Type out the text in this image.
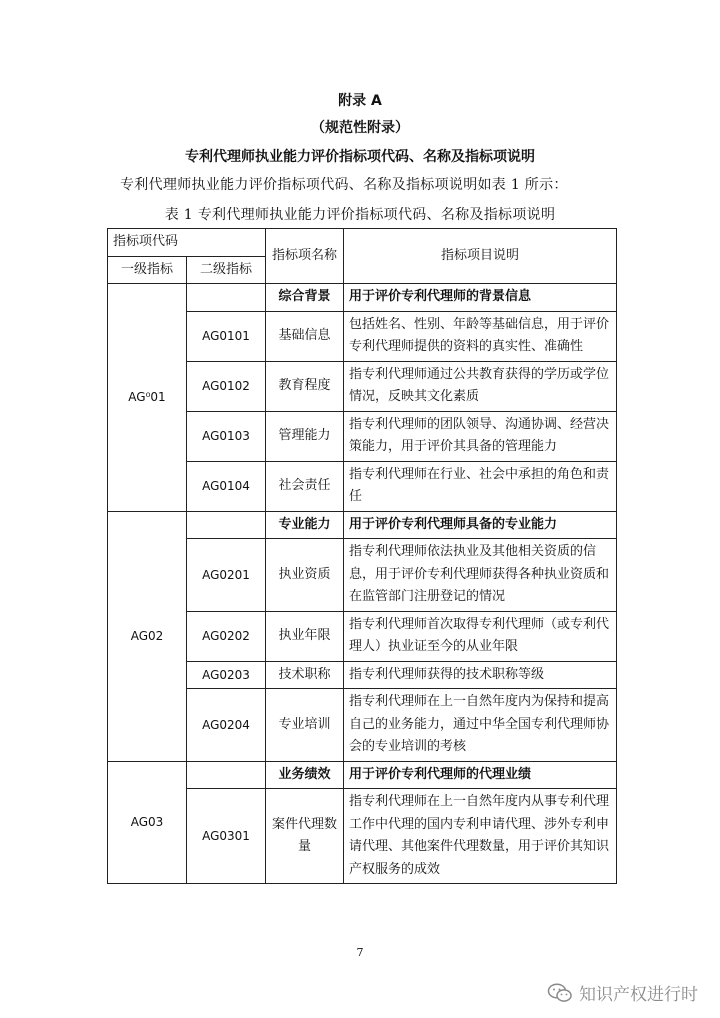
附录 A
（规范性附录）
专利代理师执业能力评价指标项代码、名称及指标项说明
专利代理师执业能力评价指标项代码、名称及指标项说明如表 1 所示：
表 1 专利代理师执业能力评价指标项代码、名称及指标项说明
指标项代码		指标项名称	指标项目说明
一级指标	二级指标		
AG⁰01		综合背景	用于评价专利代理师的背景信息
	AG0101	基础信息	包括姓名、性别、年龄等基础信息，用于评价专利代理师提供的资料的真实性、准确性
	AG0102	教育程度	指专利代理师通过公共教育获得的学历或学位情况，反映其文化素质
	AG0103	管理能力	指专利代理师的团队领导、沟通协调、经营决策能力，用于评价其具备的管理能力
	AG0104	社会责任	指专利代理师在行业、社会中承担的角色和责任
AG02		专业能力	用于评价专利代理师具备的专业能力
	AG0201	执业资质	指专利代理师依法执业及其他相关资质的信息，用于评价专利代理师获得各种执业资质和在监管部门注册登记的情况
	AG0202	执业年限	指专利代理师首次取得专利代理师（或专利代理人）执业证至今的从业年限
	AG0203	技术职称	指专利代理师获得的技术职称等级
	AG0204	专业培训	指专利代理师在上一自然年度内为保持和提高自己的业务能力，通过中华全国专利代理师协会的专业培训的考核
AG03		业务绩效	用于评价专利代理师的代理业绩
	AG0301	案件代理数量	指专利代理师在上一自然年度内从事专利代理工作中代理的国内专利申请代理、涉外专利申请代理、其他案件代理数量，用于评价其知识产权服务的成效
7
知识产权进行时
